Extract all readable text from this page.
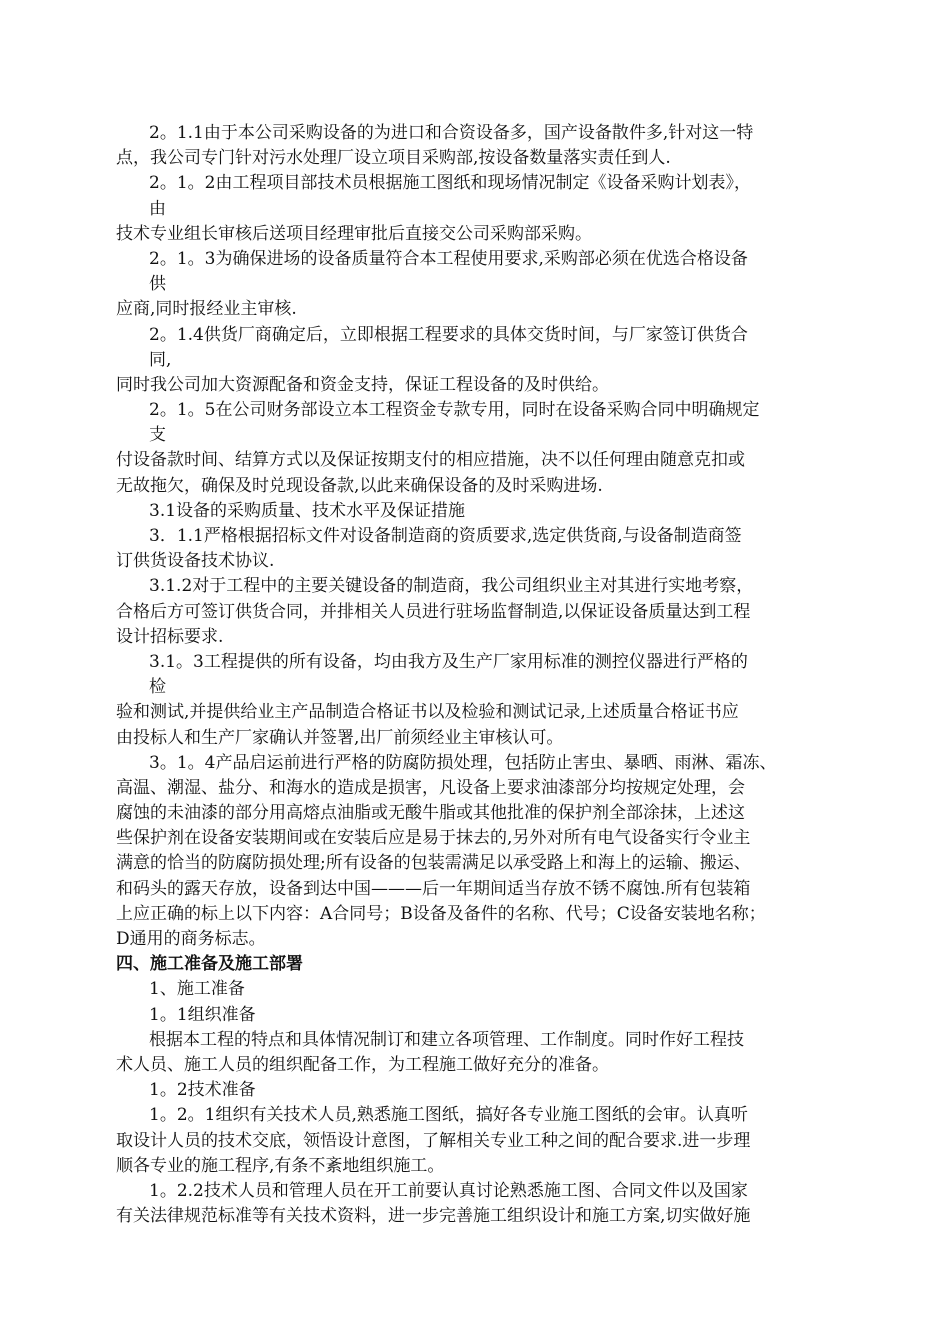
2。1.1由于本公司采购设备的为进口和合资设备多，国产设备散件多,针对这一特
点，我公司专门针对污水处理厂设立项目采购部,按设备数量落实责任到人.
2。1。2由工程项目部技术员根据施工图纸和现场情况制定《设备采购计划表》，
由
技术专业组长审核后送项目经理审批后直接交公司采购部采购。
2。1。3为确保进场的设备质量符合本工程使用要求,采购部必须在优选合格设备
供
应商,同时报经业主审核.
2。1.4供货厂商确定后，立即根据工程要求的具体交货时间，与厂家签订供货合
同,
同时我公司加大资源配备和资金支持，保证工程设备的及时供给。
2。1。5在公司财务部设立本工程资金专款专用，同时在设备采购合同中明确规定
支
付设备款时间、结算方式以及保证按期支付的相应措施，决不以任何理由随意克扣或
无故拖欠，确保及时兑现设备款,以此来确保设备的及时采购进场.
3.1设备的采购质量、技术水平及保证措施
3．1.1严格根据招标文件对设备制造商的资质要求,选定供货商,与设备制造商签
订供货设备技术协议.
3.1.2对于工程中的主要关键设备的制造商，我公司组织业主对其进行实地考察，
合格后方可签订供货合同，并排相关人员进行驻场监督制造,以保证设备质量达到工程
设计招标要求.
3.1。3工程提供的所有设备，均由我方及生产厂家用标准的测控仪器进行严格的
检
验和测试,并提供给业主产品制造合格证书以及检验和测试记录,上述质量合格证书应
由投标人和生产厂家确认并签署,出厂前须经业主审核认可。
3。1。4产品启运前进行严格的防腐防损处理，包括防止害虫、暴晒、雨淋、霜冻、
高温、潮湿、盐分、和海水的造成是损害，凡设备上要求油漆部分均按规定处理，会
腐蚀的未油漆的部分用高熔点油脂或无酸牛脂或其他批准的保护剂全部涂抹，上述这
些保护剂在设备安装期间或在安装后应是易于抹去的,另外对所有电气设备实行令业主
满意的恰当的防腐防损处理;所有设备的包装需满足以承受路上和海上的运输、搬运、
和码头的露天存放，设备到达中国———后一年期间适当存放不锈不腐蚀.所有包装箱
上应正确的标上以下内容：A合同号；B设备及备件的名称、代号；C设备安装地名称；
D通用的商务标志。
四、施工准备及施工部署
1、施工准备
1。1组织准备
根据本工程的特点和具体情况制订和建立各项管理、工作制度。同时作好工程技
术人员、施工人员的组织配备工作，为工程施工做好充分的准备。
1。2技术准备
1。2。1组织有关技术人员,熟悉施工图纸，搞好各专业施工图纸的会审。认真听
取设计人员的技术交底，领悟设计意图，了解相关专业工种之间的配合要求.进一步理
顺各专业的施工程序,有条不紊地组织施工。
1。2.2技术人员和管理人员在开工前要认真讨论熟悉施工图、合同文件以及国家
有关法律规范标准等有关技术资料，进一步完善施工组织设计和施工方案,切实做好施
